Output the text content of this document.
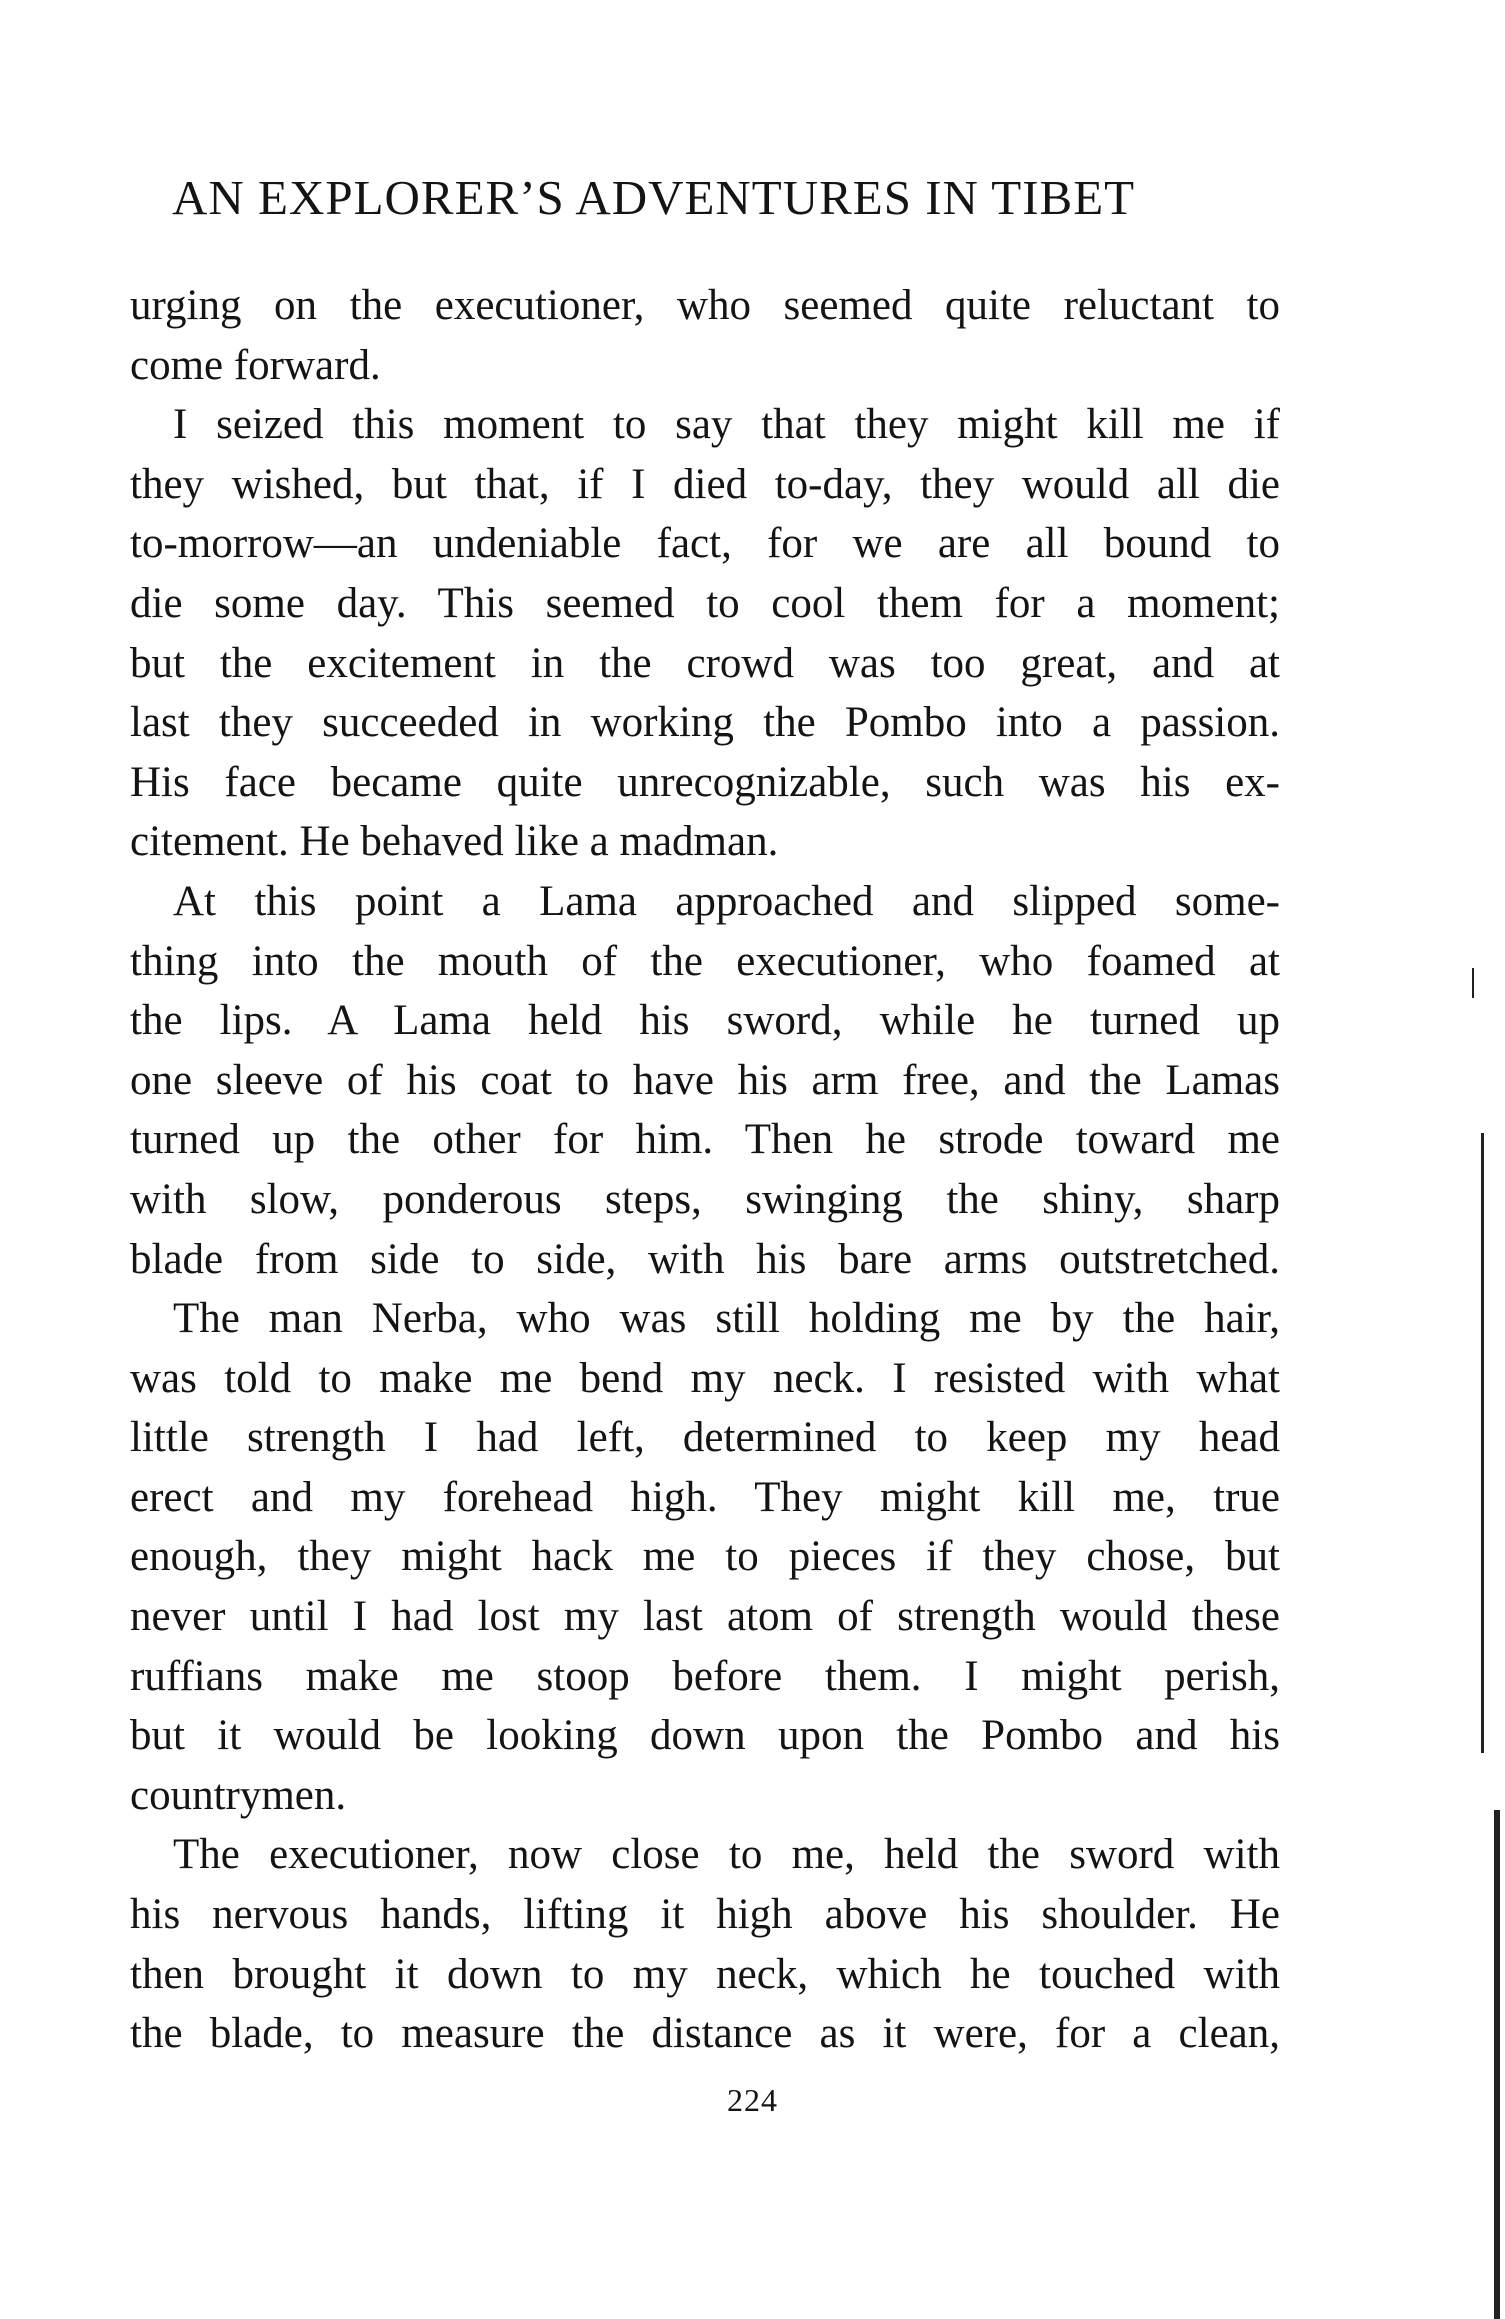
AN EXPLORER’S ADVENTURES IN TIBET
urging on the executioner, who seemed quite reluctant to
come forward.
I seized this moment to say that they might kill me if
they wished, but that, if I died to-day, they would all die
to-morrow—an undeniable fact, for we are all bound to
die some day. This seemed to cool them for a moment;
but the excitement in the crowd was too great, and at
last they succeeded in working the Pombo into a passion.
His face became quite unrecognizable, such was his ex-
citement. He behaved like a madman.
At this point a Lama approached and slipped some-
thing into the mouth of the executioner, who foamed at
the lips. A Lama held his sword, while he turned up
one sleeve of his coat to have his arm free, and the Lamas
turned up the other for him. Then he strode toward me
with slow, ponderous steps, swinging the shiny, sharp
blade from side to side, with his bare arms outstretched.
The man Nerba, who was still holding me by the hair,
was told to make me bend my neck. I resisted with what
little strength I had left, determined to keep my head
erect and my forehead high. They might kill me, true
enough, they might hack me to pieces if they chose, but
never until I had lost my last atom of strength would these
ruffians make me stoop before them. I might perish,
but it would be looking down upon the Pombo and his
countrymen.
The executioner, now close to me, held the sword with
his nervous hands, lifting it high above his shoulder. He
then brought it down to my neck, which he touched with
the blade, to measure the distance as it were, for a clean,
224
